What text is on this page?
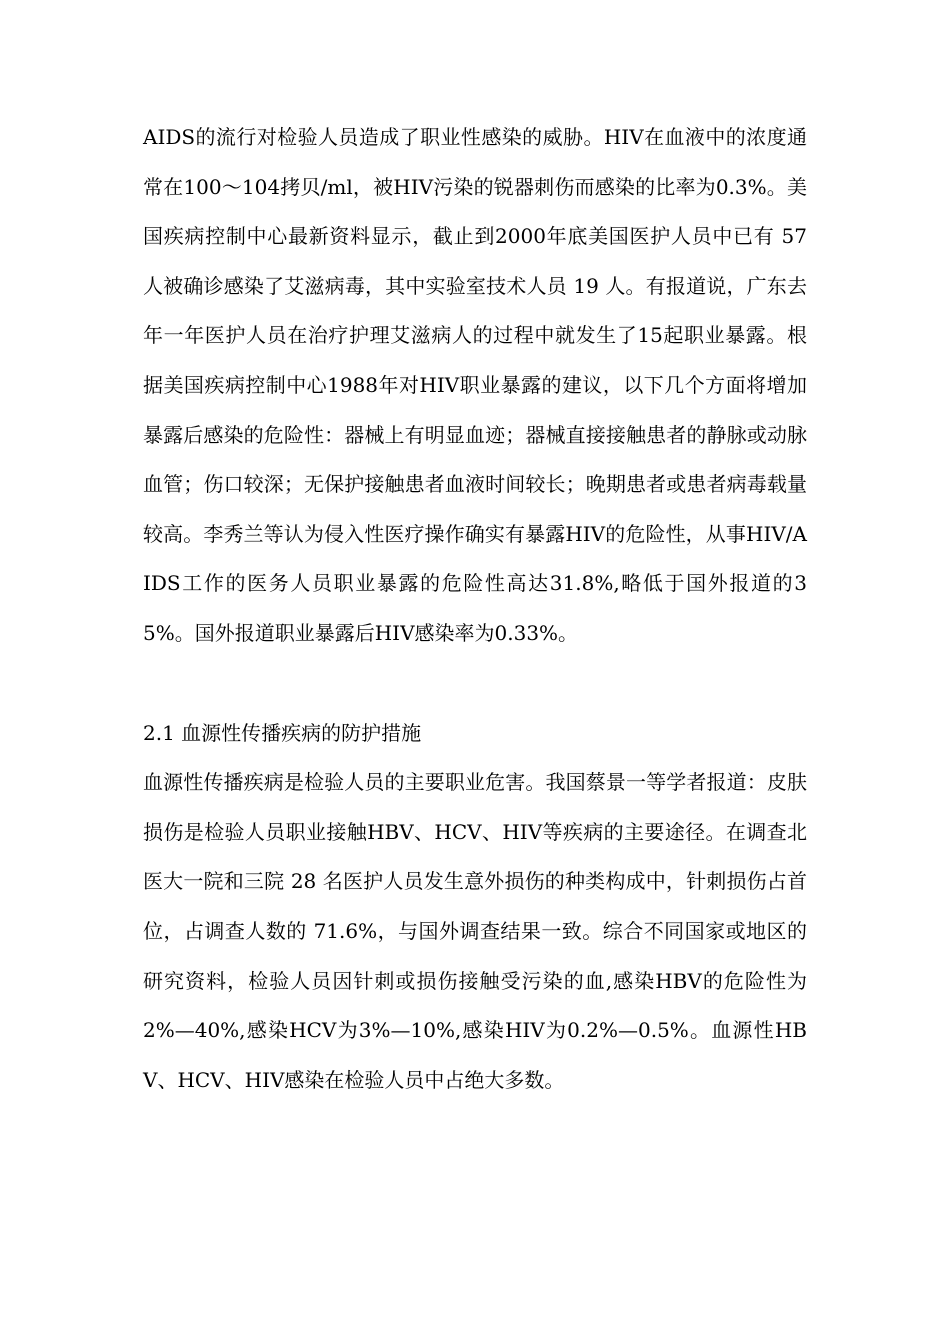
AIDS的流行对检验人员造成了职业性感染的威胁。HIV在血液中的浓度通常在100～104拷贝/ml，被HIV污染的锐器刺伤而感染的比率为0.3%。美国疾病控制中心最新资料显示，截止到2000年底美国医护人员中已有 57 人被确诊感染了艾滋病毒，其中实验室技术人员 19 人。有报道说，广东去年一年医护人员在治疗护理艾滋病人的过程中就发生了15起职业暴露。根据美国疾病控制中心1988年对HIV职业暴露的建议，以下几个方面将增加暴露后感染的危险性：器械上有明显血迹；器械直接接触患者的静脉或动脉血管；伤口较深；无保护接触患者血液时间较长；晚期患者或患者病毒载量较高。李秀兰等认为侵入性医疗操作确实有暴露HIV的危险性，从事HIV/AIDS工作的医务人员职业暴露的危险性高达31.8%,略低于国外报道的35%。国外报道职业暴露后HIV感染率为0.33%。

2.1 血源性传播疾病的防护措施

血源性传播疾病是检验人员的主要职业危害。我国蔡景一等学者报道：皮肤损伤是检验人员职业接触HBV、HCV、HIV等疾病的主要途径。在调查北医大一院和三院 28 名医护人员发生意外损伤的种类构成中，针刺损伤占首位，占调查人数的 71.6%，与国外调查结果一致。综合不同国家或地区的研究资料，检验人员因针刺或损伤接触受污染的血,感染HBV的危险性为2%—40%,感染HCV为3%—10%,感染HIV为0.2%—0.5%。血源性HBV、HCV、HIV感染在检验人员中占绝大多数。
